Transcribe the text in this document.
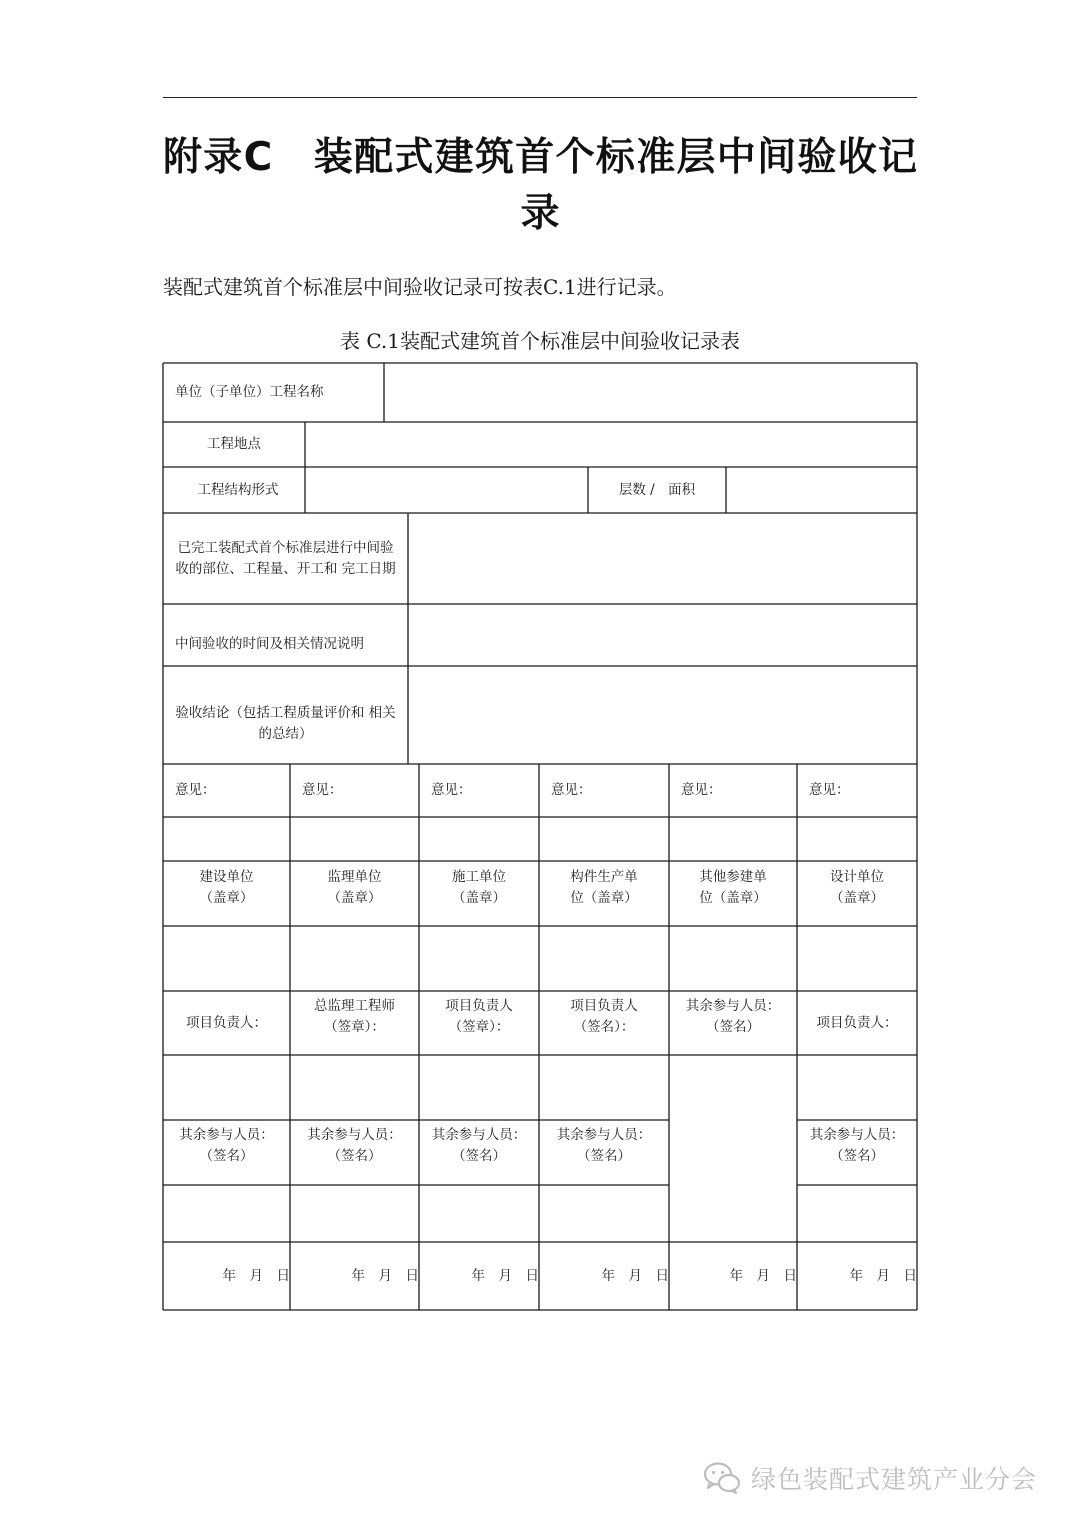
附录C　装配式建筑首个标准层中间验收记录
装配式建筑首个标准层中间验收记录可按表C.1进行记录。
表 C.1装配式建筑首个标准层中间验收记录表
单位（子单位）工程名称
工程地点
工程结构形式	层数 /　面积
已完工装配式首个标准层进行中间验收的部位、工程量、开工和 完工日期
中间验收的时间及相关情况说明
验收结论（包括工程质量评价和 相关的总结）
意见：
建设单位
（盖章）
项目负责人：
其余参与人员：
（签名）
年　月　日
意见：
监理单位
（盖章）
总监理工程师
（签章）：
其余参与人员：
（签名）
年　月　日
意见：
施工单位
（盖章）
项目负责人
（签章）：
其余参与人员：
（签名）
年　月　日
意见：
构件生产单
位（盖章）
项目负责人
（签名）：
其余参与人员：
（签名）
年　月　日
意见：
其他参建单
位（盖章）
其余参与人员：
（签名）
年　月　日
意见：
设计单位
（盖章）
项目负责人：
其余参与人员：
（签名）
年　月　日
绿色装配式建筑产业分会
